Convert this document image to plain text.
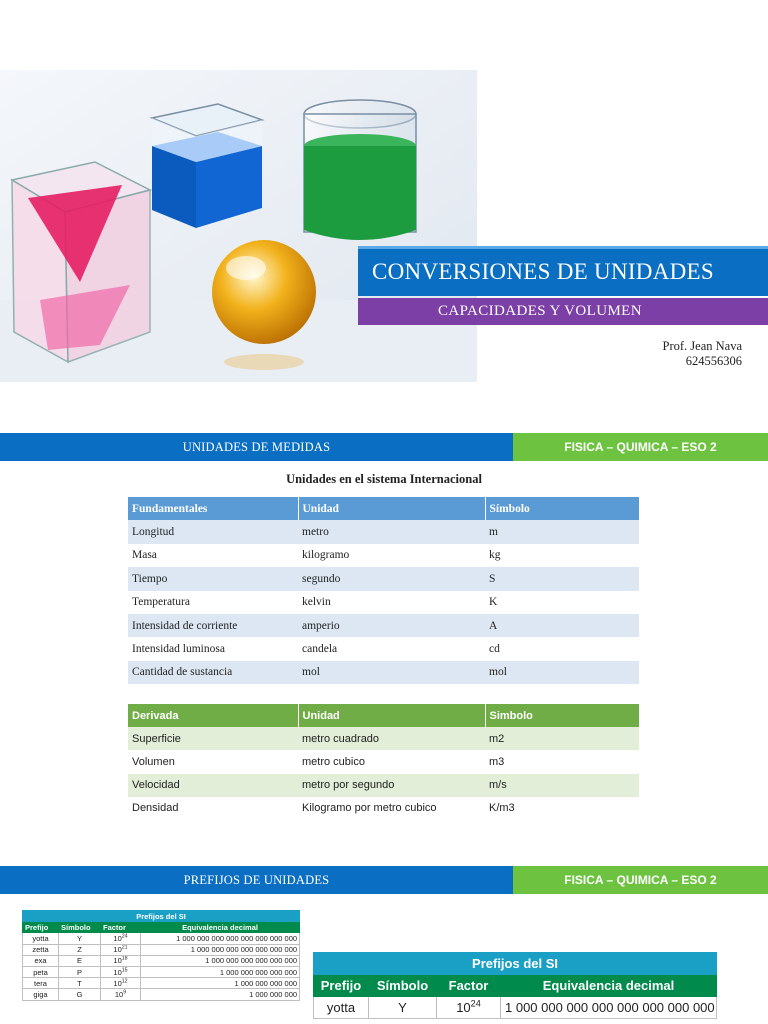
CONVERSIONES DE UNIDADES
CAPACIDADES Y VOLUMEN
Prof. Jean Nava
624556306
UNIDADES DE MEDIDAS	FISICA – QUIMICA – ESO 2
Unidades en el sistema Internacional
Fundamentales	Unidad	Símbolo
Longitud	metro	m
Masa	kilogramo	kg
Tiempo	segundo	S
Temperatura	kelvin	K
Intensidad de corriente	amperio	A
Intensidad luminosa	candela	cd
Cantidad de sustancia	mol	mol
Derivada	Unidad	Simbolo
Superficie	metro cuadrado	m2
Volumen	metro cubico	m3
Velocidad	metro por segundo	m/s
Densidad	Kilogramo por metro cubico	K/m3
PREFIJOS DE UNIDADES	FISICA – QUIMICA – ESO 2
Prefijos del SI			
Prefijo	Símbolo	Factor	Equivalencia decimal
yotta	Y	$10^{24}$	1 000 000 000 000 000 000 000 000
zetta	Z	$10^{21}$	1 000 000 000 000 000 000 000
exa	E	$10^{18}$	1 000 000 000 000 000 000
peta	P	$10^{15}$	1 000 000 000 000 000
tera	T	$10^{12}$	1 000 000 000 000
giga	G	$10^9$	1 000 000 000
Prefijos del SI			
Prefijo	Símbolo	Factor	Equivalencia decimal
yotta	Y	$10^{24}$	1 000 000 000 000 000 000 000 000
